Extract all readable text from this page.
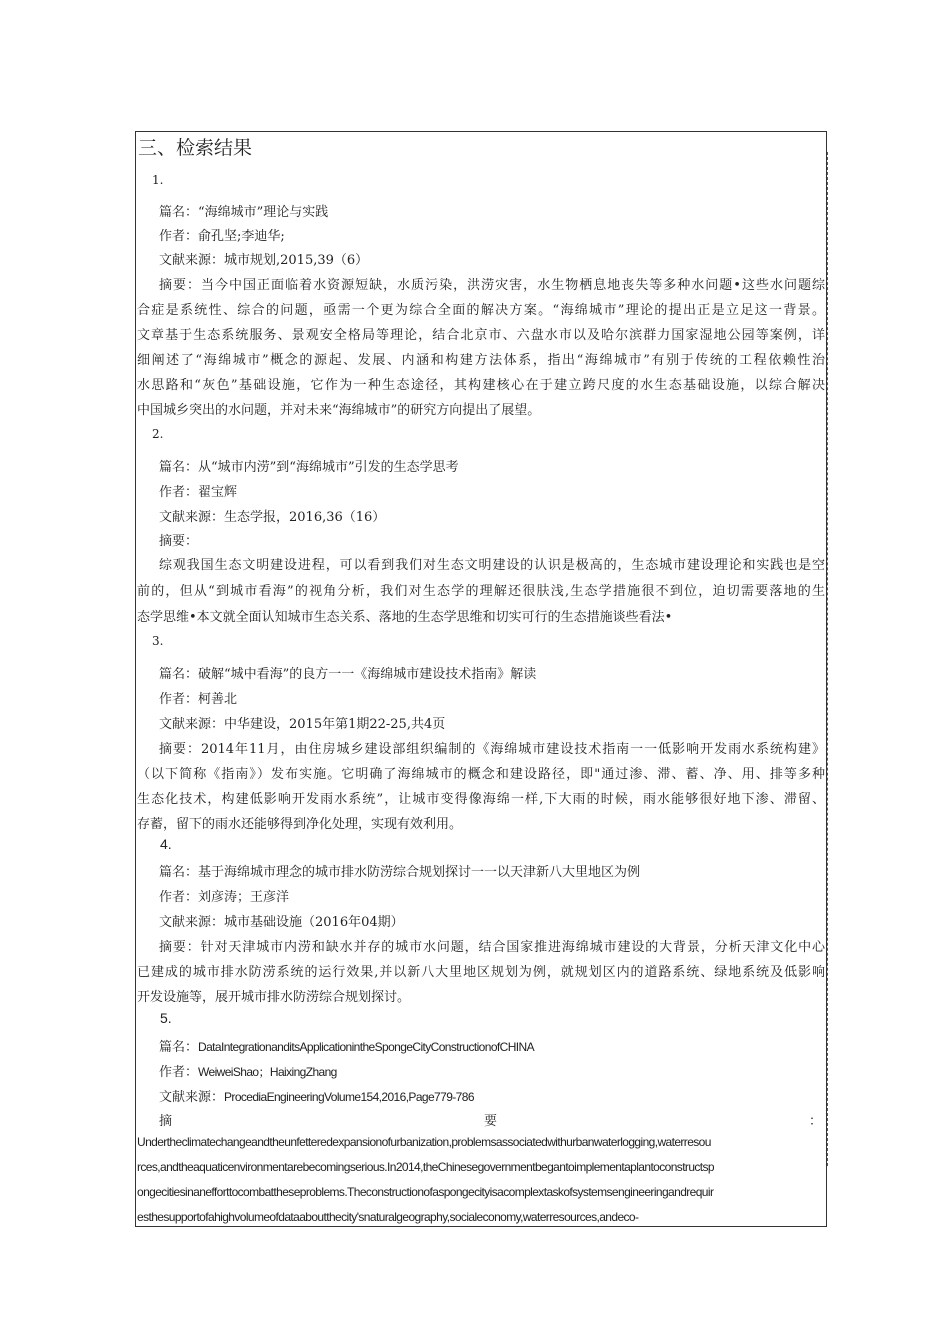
三、检索结果
1.
篇名：“海绵城市”理论与实践
作者：俞孔坚;李迪华;
文献来源：城市规划,2015,39（6）
摘要：当今中国正面临着水资源短缺，水质污染，洪涝灾害，水生物栖息地丧失等多种水问题•这些水问题综
合症是系统性、综合的问题，亟需一个更为综合全面的解决方案。“海绵城市”理论的提出正是立足这一背景。
文章基于生态系统服务、景观安全格局等理论，结合北京市、六盘水市以及哈尔滨群力国家湿地公园等案例，详
细阐述了“海绵城市”概念的源起、发展、内涵和构建方法体系，指出“海绵城市”有别于传统的工程依赖性治
水思路和“灰色”基础设施，它作为一种生态途径，其构建核心在于建立跨尺度的水生态基础设施，以综合解决
中国城乡突出的水问题，并对未来“海绵城市”的研究方向提出了展望。
2.
篇名：从“城市内涝”到“海绵城市”引发的生态学思考
作者：翟宝辉
文献来源：生态学报，2016,36（16）
摘要：
综观我国生态文明建设进程，可以看到我们对生态文明建设的认识是极高的，生态城市建设理论和实践也是空
前的，但从“到城市看海”的视角分析，我们对生态学的理解还很肤浅,生态学措施很不到位，迫切需要落地的生
态学思维•本文就全面认知城市生态关系、落地的生态学思维和切实可行的生态措施谈些看法•
3.
篇名：破解“城中看海”的良方一一《海绵城市建设技术指南》解读
作者：柯善北
文献来源：中华建设，2015年第1期22-25,共4页
摘要：2014年11月，由住房城乡建设部组织编制的《海绵城市建设技术指南一一低影响开发雨水系统构建》
（以下简称《指南》）发布实施。它明确了海绵城市的概念和建设路径，即"通过渗、滞、蓄、净、用、排等多种
生态化技术，构建低影响开发雨水系统”，让城市变得像海绵一样,下大雨的时候，雨水能够很好地下渗、滞留、
存蓄，留下的雨水还能够得到净化处理，实现有效利用。
4.
篇名：基于海绵城市理念的城市排水防涝综合规划探讨一一以天津新八大里地区为例
作者：刘彦涛；王彦洋
文献来源：城市基础设施（2016年04期）
摘要：针对天津城市内涝和缺水并存的城市水问题，结合国家推进海绵城市建设的大背景，分析天津文化中心
已建成的城市排水防涝系统的运行效果,并以新八大里地区规划为例，就规划区内的道路系统、绿地系统及低影响
开发设施等，展开城市排水防涝综合规划探讨。
5.
篇名：DataIntegrationanditsApplicationintheSpongeCityConstructionofCHINA
作者：WeiweiShao；HaixingZhang
文献来源：ProcediaEngineeringVolume154,2016,Page779-786
摘	要	：
Undertheclimatechangeandtheunfetteredexpansionofurbanization,problemsassociatedwithurbanwaterlogging,waterresou
rces,andtheaquaticenvironmentarebecomingserious.In2014,theChinesegovernmentbegantoimplementaplantoconstructsp
ongecitiesinanefforttocombattheseproblems.Theconstructionofaspongecityisacomplextaskofsystemsengineeringandrequir
esthesupportofahighvolumeofdataaboutthecity'snaturalgeography,socialeconomy,waterresources,andeco-
